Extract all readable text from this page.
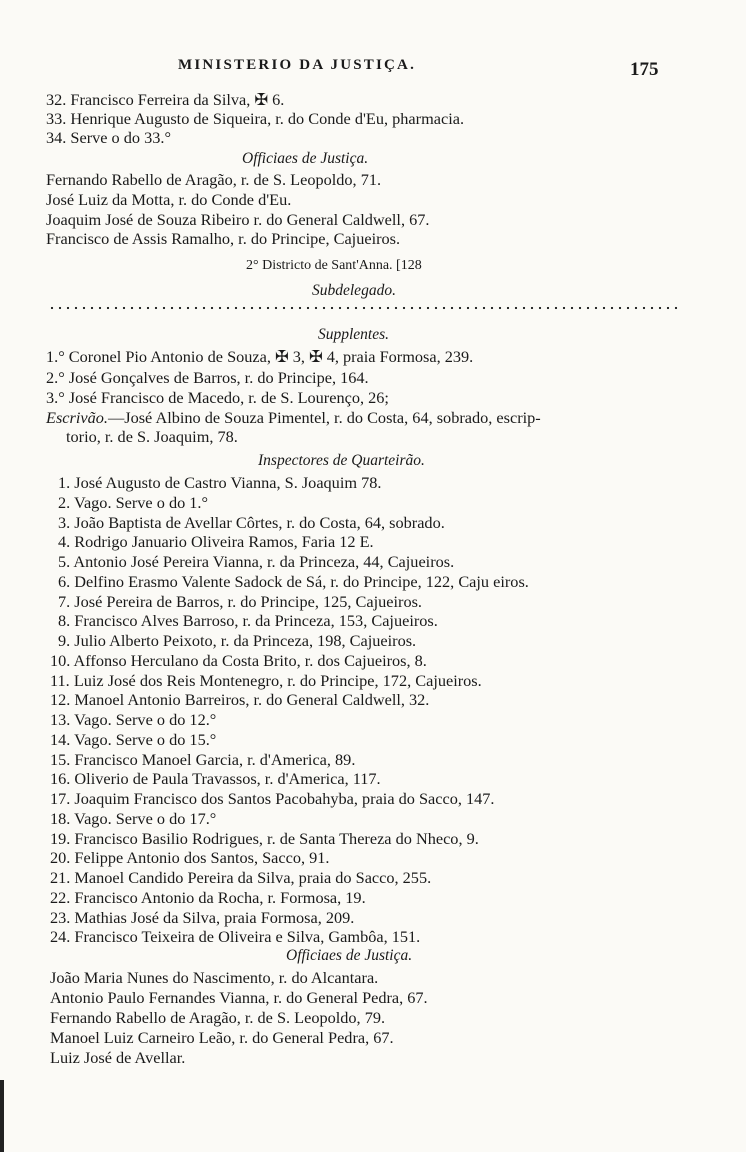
MINISTERIO DA JUSTIÇA.	175
32. Francisco Ferreira da Silva, ✠ 6.
33. Henrique Augusto de Siqueira, r. do Conde d'Eu, pharmacia.
34. Serve o do 33.°
Officiaes de Justiça.
Fernando Rabello de Aragão, r. de S. Leopoldo, 71.
José Luiz da Motta, r. do Conde d'Eu.
Joaquim José de Souza Ribeiro r. do General Caldwell, 67.
Francisco de Assis Ramalho, r. do Principe, Cajueiros.
2° Districto de Sant'Anna. [128
Subdelegado.
Supplentes.
1.° Coronel Pio Antonio de Souza, ✠ 3, ✠ 4, praia Formosa, 239.
2.° José Gonçalves de Barros, r. do Principe, 164.
3.° José Francisco de Macedo, r. de S. Lourenço, 26;
Escrivão.—José Albino de Souza Pimentel, r. do Costa, 64, sobrado, escrip-
torio, r. de S. Joaquim, 78.
Inspectores de Quarteirão.
1. José Augusto de Castro Vianna, S. Joaquim 78.
2. Vago. Serve o do 1.°
3. João Baptista de Avellar Côrtes, r. do Costa, 64, sobrado.
4. Rodrigo Januario Oliveira Ramos, Faria 12 E.
5. Antonio José Pereira Vianna, r. da Princeza, 44, Cajueiros.
6. Delfino Erasmo Valente Sadock de Sá, r. do Principe, 122, Caju eiros.
7. José Pereira de Barros, r. do Principe, 125, Cajueiros.
8. Francisco Alves Barroso, r. da Princeza, 153, Cajueiros.
9. Julio Alberto Peixoto, r. da Princeza, 198, Cajueiros.
10. Affonso Herculano da Costa Brito, r. dos Cajueiros, 8.
11. Luiz José dos Reis Montenegro, r. do Principe, 172, Cajueiros.
12. Manoel Antonio Barreiros, r. do General Caldwell, 32.
13. Vago. Serve o do 12.°
14. Vago. Serve o do 15.°
15. Francisco Manoel Garcia, r. d'America, 89.
16. Oliverio de Paula Travassos, r. d'America, 117.
17. Joaquim Francisco dos Santos Pacobahyba, praia do Sacco, 147.
18. Vago. Serve o do 17.°
19. Francisco Basilio Rodrigues, r. de Santa Thereza do Nheco, 9.
20. Felippe Antonio dos Santos, Sacco, 91.
21. Manoel Candido Pereira da Silva, praia do Sacco, 255.
22. Francisco Antonio da Rocha, r. Formosa, 19.
23. Mathias José da Silva, praia Formosa, 209.
24. Francisco Teixeira de Oliveira e Silva, Gambôa, 151.
Officiaes de Justiça.
João Maria Nunes do Nascimento, r. do Alcantara.
Antonio Paulo Fernandes Vianna, r. do General Pedra, 67.
Fernando Rabello de Aragão, r. de S. Leopoldo, 79.
Manoel Luiz Carneiro Leão, r. do General Pedra, 67.
Luiz José de Avellar.
